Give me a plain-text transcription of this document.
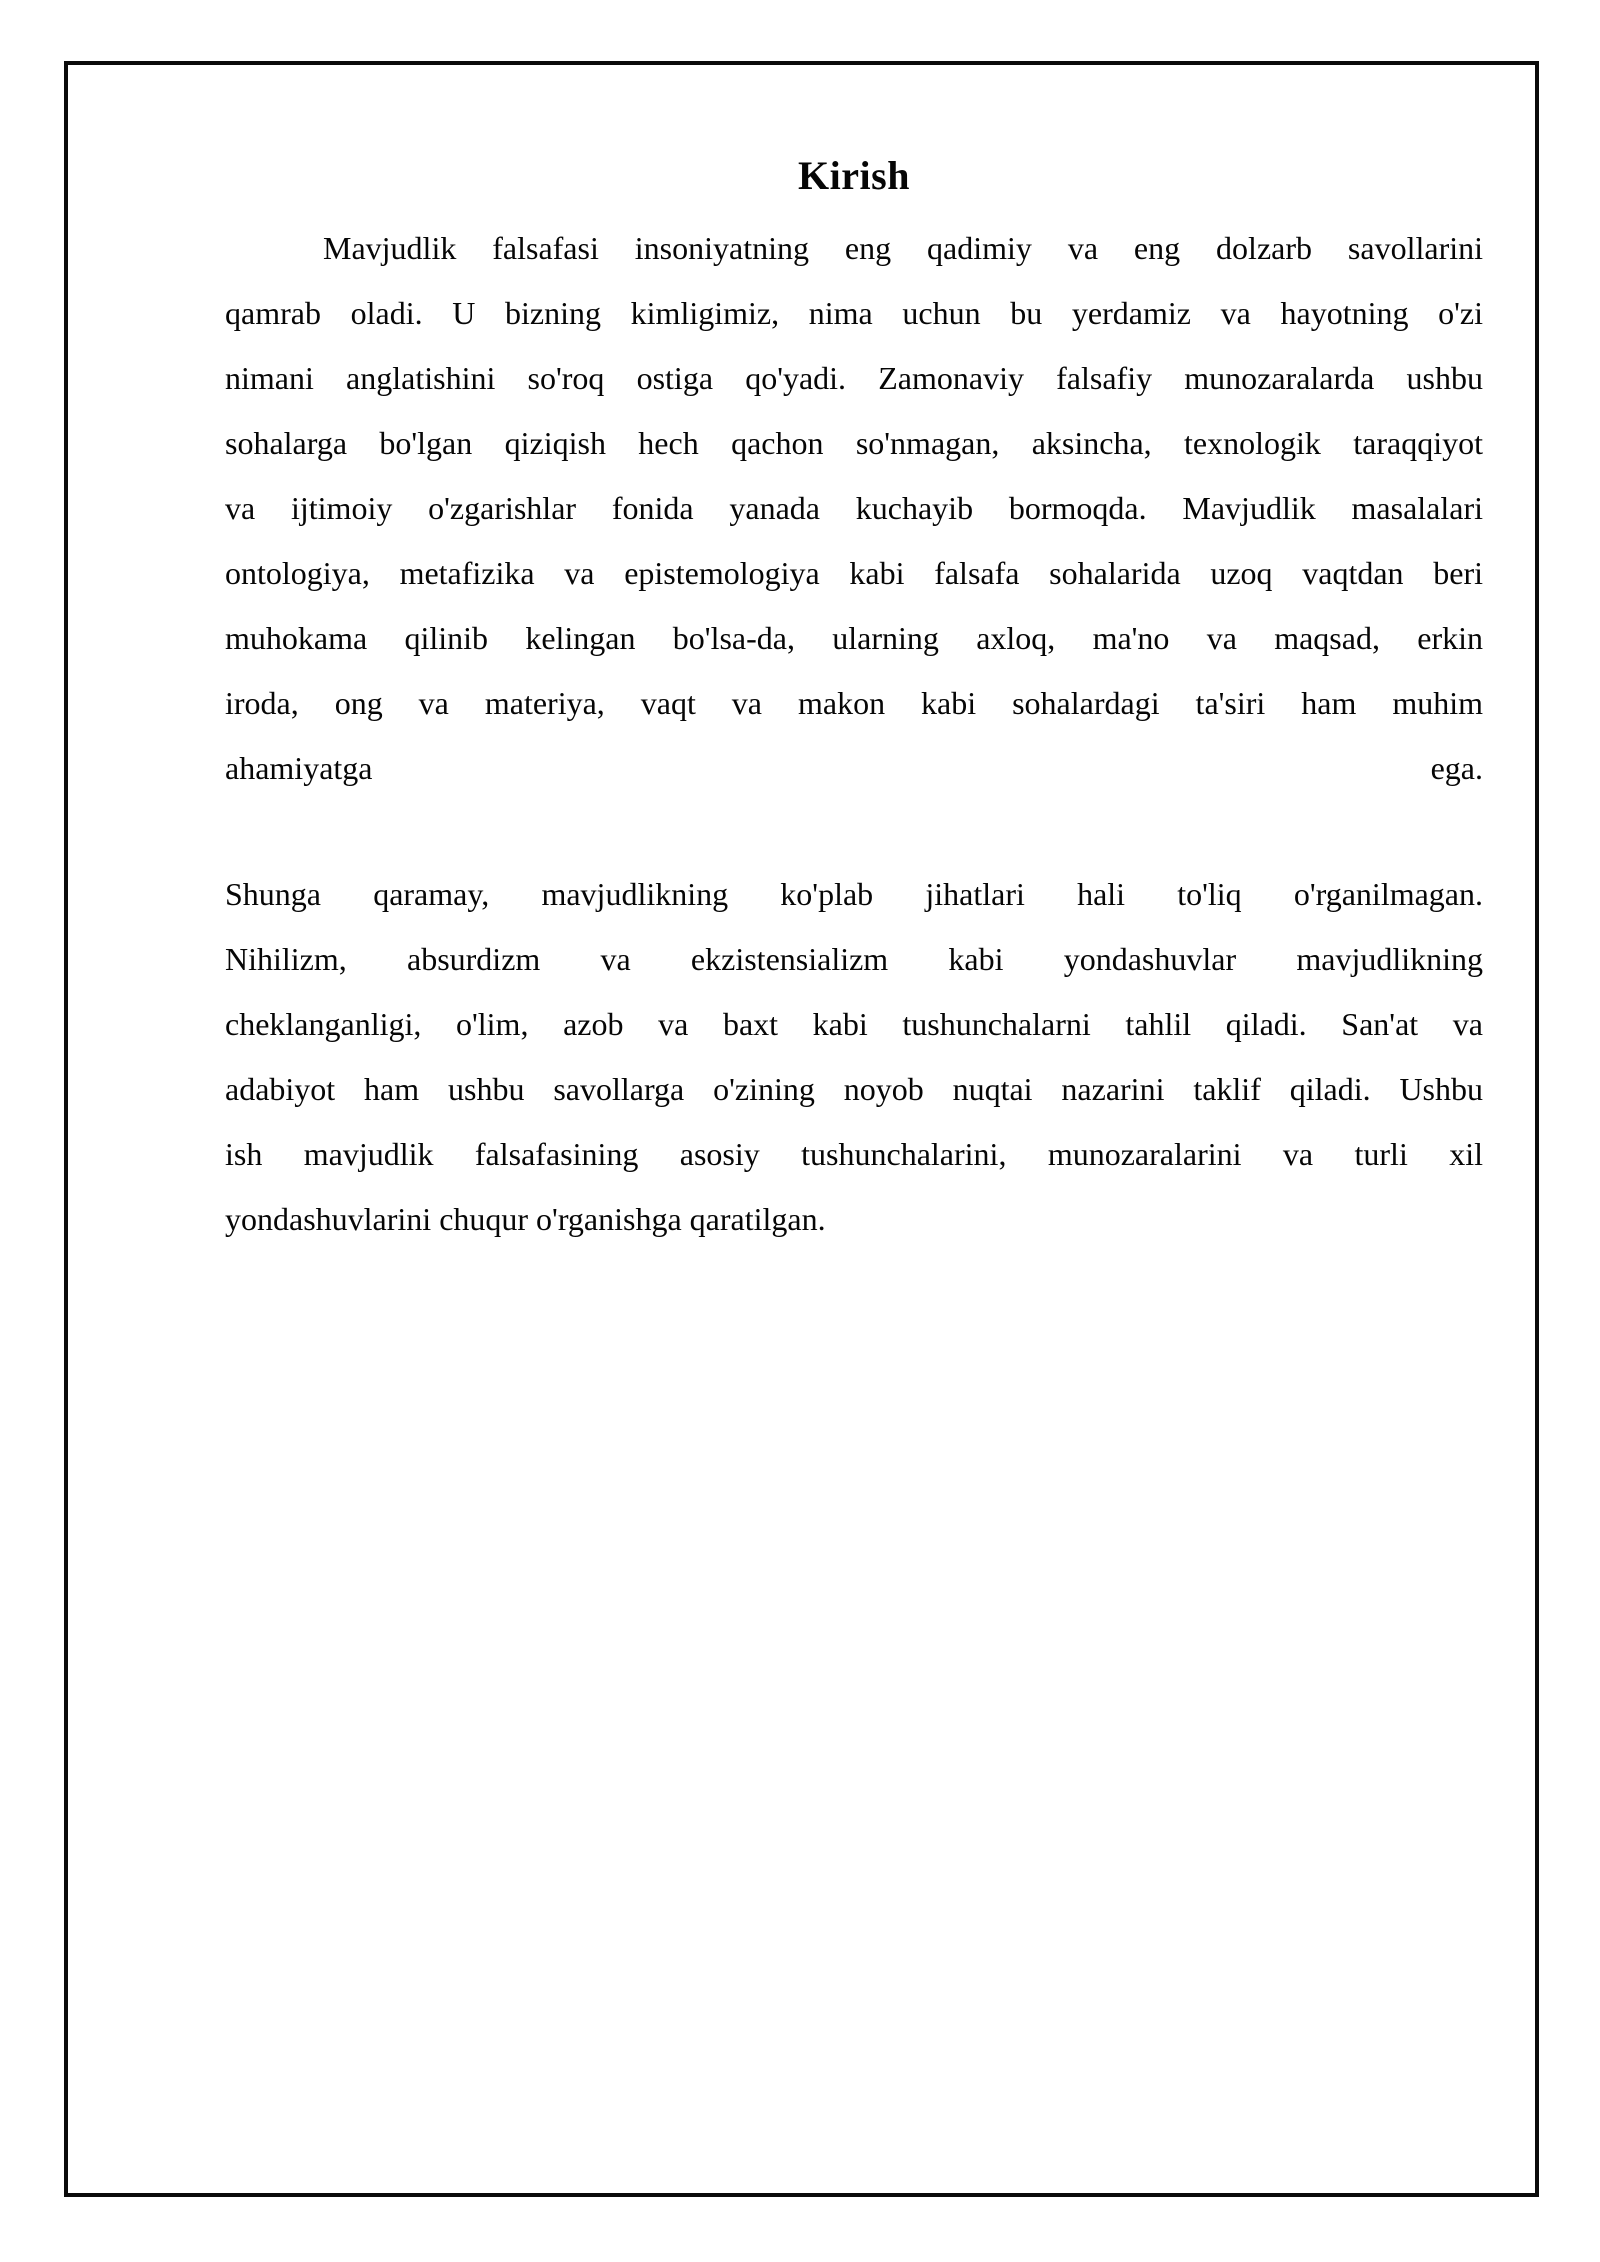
Kirish
Mavjudlik falsafasi insoniyatning eng qadimiy va eng dolzarb savollarini
qamrab oladi. U bizning kimligimiz, nima uchun bu yerdamiz va hayotning o'zi
nimani anglatishini so'roq ostiga qo'yadi. Zamonaviy falsafiy munozaralarda ushbu
sohalarga bo'lgan qiziqish hech qachon so'nmagan, aksincha, texnologik taraqqiyot
va ijtimoiy o'zgarishlar fonida yanada kuchayib bormoqda. Mavjudlik masalalari
ontologiya, metafizika va epistemologiya kabi falsafa sohalarida uzoq vaqtdan beri
muhokama qilinib kelingan bo'lsa-da, ularning axloq, ma'no va maqsad, erkin
iroda, ong va materiya, vaqt va makon kabi sohalardagi ta'siri ham muhim
ahamiyatga ega.
Shunga qaramay, mavjudlikning ko'plab jihatlari hali to'liq o'rganilmagan.
Nihilizm, absurdizm va ekzistensializm kabi yondashuvlar mavjudlikning
cheklanganligi, o'lim, azob va baxt kabi tushunchalarni tahlil qiladi. San'at va
adabiyot ham ushbu savollarga o'zining noyob nuqtai nazarini taklif qiladi. Ushbu
ish mavjudlik falsafasining asosiy tushunchalarini, munozaralarini va turli xil
yondashuvlarini chuqur o'rganishga qaratilgan.
